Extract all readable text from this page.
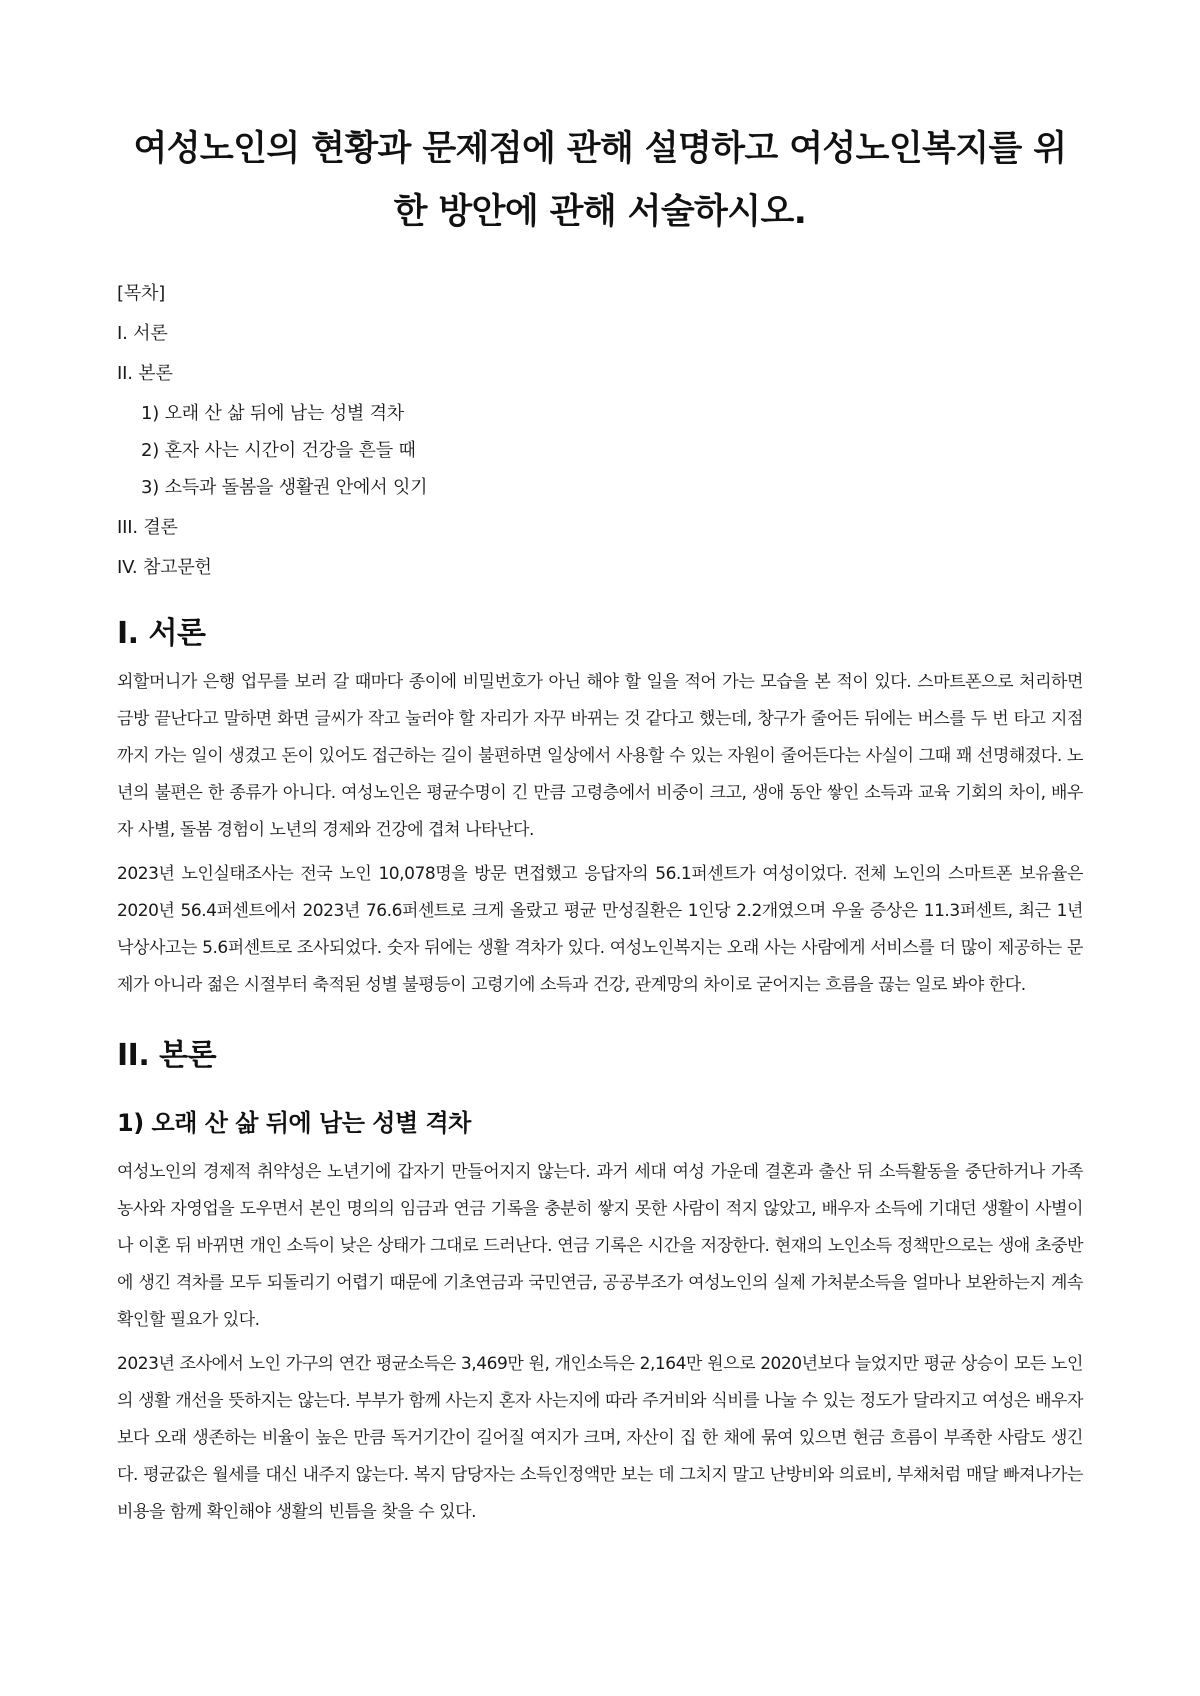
여성노인의 현황과 문제점에 관해 설명하고 여성노인복지를 위한 방안에 관해 서술하시오.
[목차]
I. 서론
II. 본론
1) 오래 산 삶 뒤에 남는 성별 격차
2) 혼자 사는 시간이 건강을 흔들 때
3) 소득과 돌봄을 생활권 안에서 잇기
III. 결론
IV. 참고문헌
I. 서론

외할머니가 은행 업무를 보러 갈 때마다 종이에 비밀번호가 아닌 해야 할 일을 적어 가는 모습을 본 적이 있다. 스마트폰으로 처리하면 금방 끝난다고 말하면 화면 글씨가 작고 눌러야 할 자리가 자꾸 바뀌는 것 같다고 했는데, 창구가 줄어든 뒤에는 버스를 두 번 타고 지점까지 가는 일이 생겼고 돈이 있어도 접근하는 길이 불편하면 일상에서 사용할 수 있는 자원이 줄어든다는 사실이 그때 꽤 선명해졌다. 노년의 불편은 한 종류가 아니다. 여성노인은 평균수명이 긴 만큼 고령층에서 비중이 크고, 생애 동안 쌓인 소득과 교육 기회의 차이, 배우자 사별, 돌봄 경험이 노년의 경제와 건강에 겹쳐 나타난다.

2023년 노인실태조사는 전국 노인 10,078명을 방문 면접했고 응답자의 56.1퍼센트가 여성이었다. 전체 노인의 스마트폰 보유율은 2020년 56.4퍼센트에서 2023년 76.6퍼센트로 크게 올랐고 평균 만성질환은 1인당 2.2개였으며 우울 증상은 11.3퍼센트, 최근 1년 낙상사고는 5.6퍼센트로 조사되었다. 숫자 뒤에는 생활 격차가 있다. 여성노인복지는 오래 사는 사람에게 서비스를 더 많이 제공하는 문제가 아니라 젊은 시절부터 축적된 성별 불평등이 고령기에 소득과 건강, 관계망의 차이로 굳어지는 흐름을 끊는 일로 봐야 한다.

II. 본론
1) 오래 산 삶 뒤에 남는 성별 격차

여성노인의 경제적 취약성은 노년기에 갑자기 만들어지지 않는다. 과거 세대 여성 가운데 결혼과 출산 뒤 소득활동을 중단하거나 가족 농사와 자영업을 도우면서 본인 명의의 임금과 연금 기록을 충분히 쌓지 못한 사람이 적지 않았고, 배우자 소득에 기대던 생활이 사별이나 이혼 뒤 바뀌면 개인 소득이 낮은 상태가 그대로 드러난다. 연금 기록은 시간을 저장한다. 현재의 노인소득 정책만으로는 생애 초중반에 생긴 격차를 모두 되돌리기 어렵기 때문에 기초연금과 국민연금, 공공부조가 여성노인의 실제 가처분소득을 얼마나 보완하는지 계속 확인할 필요가 있다.

2023년 조사에서 노인 가구의 연간 평균소득은 3,469만 원, 개인소득은 2,164만 원으로 2020년보다 늘었지만 평균 상승이 모든 노인의 생활 개선을 뜻하지는 않는다. 부부가 함께 사는지 혼자 사는지에 따라 주거비와 식비를 나눌 수 있는 정도가 달라지고 여성은 배우자보다 오래 생존하는 비율이 높은 만큼 독거기간이 길어질 여지가 크며, 자산이 집 한 채에 묶여 있으면 현금 흐름이 부족한 사람도 생긴다. 평균값은 월세를 대신 내주지 않는다. 복지 담당자는 소득인정액만 보는 데 그치지 말고 난방비와 의료비, 부채처럼 매달 빠져나가는 비용을 함께 확인해야 생활의 빈틈을 찾을 수 있다.
